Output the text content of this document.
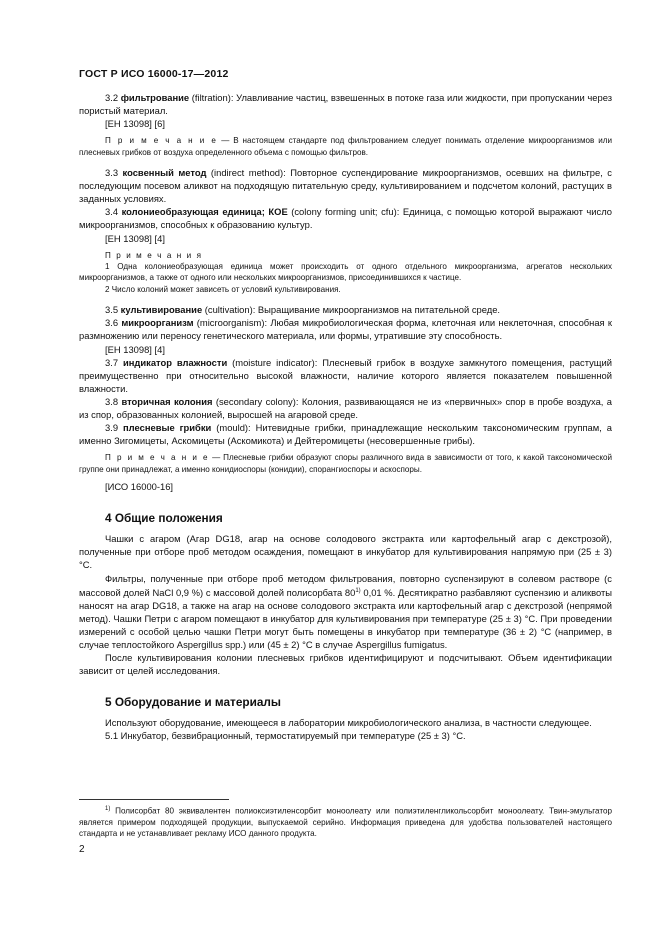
ГОСТ Р ИСО 16000-17—2012

3.2 фильтрование (filtration): Улавливание частиц, взвешенных в потоке газа или жидкости, при пропускании через пористый материал.

[ЕН 13098] [6]

П р и м е ч а н и е — В настоящем стандарте под фильтрованием следует понимать отделение микроорганизмов или плесневых грибков от воздуха определенного объема с помощью фильтров.

3.3 косвенный метод (indirect method): Повторное суспендирование микроорганизмов, осевших на фильтре, с последующим посевом аликвот на подходящую питательную среду, культивированием и подсчетом колоний, растущих в заданных условиях.

3.4 колониеобразующая единица; КОЕ (colony forming unit; cfu): Единица, с помощью которой выражают число микроорганизмов, способных к образованию культур.

[ЕН 13098] [4]

П р и м е ч а н и я

1 Одна колониеобразующая единица может происходить от одного отдельного микроорганизма, агрегатов нескольких микроорганизмов, а также от одного или нескольких микроорганизмов, присоединившихся к частице.

2 Число колоний может зависеть от условий культивирования.

3.5 культивирование (cultivation): Выращивание микроорганизмов на питательной среде.

3.6 микроорганизм (microorganism): Любая микробиологическая форма, клеточная или неклеточная, способная к размножению или переносу генетического материала, или формы, утратившие эту способность.

[ЕН 13098] [4]

3.7 индикатор влажности (moisture indicator): Плесневый грибок в воздухе замкнутого помещения, растущий преимущественно при относительно высокой влажности, наличие которого является показателем повышенной влажности.

3.8 вторичная колония (secondary colony): Колония, развивающаяся не из «первичных» спор в пробе воздуха, а из спор, образованных колонией, выросшей на агаровой среде.

3.9 плесневые грибки (mould): Нитевидные грибки, принадлежащие нескольким таксономическим группам, а именно Зигомицеты, Аскомицеты (Аскомикота) и Дейтеромицеты (несовершенные грибы).

П р и м е ч а н и е — Плесневые грибки образуют споры различного вида в зависимости от того, к какой таксономической группе они принадлежат, а именно конидиоспоры (конидии), спорангиоспоры и аскоспоры.

[ИСО 16000-16]

4 Общие положения

Чашки с агаром (Агар DG18, агар на основе солодового экстракта или картофельный агар с декстрозой), полученные при отборе проб методом осаждения, помещают в инкубатор для культивирования напрямую при (25 ± 3) °С.

Фильтры, полученные при отборе проб методом фильтрования, повторно суспензируют в солевом растворе (с массовой долей NaCl 0,9 %) с массовой долей полисорбата 80$^{1)}$ 0,01 %. Десятикратно разбавляют суспензию и аликвоты наносят на агар DG18, а также на агар на основе солодового экстракта или картофельный агар с декстрозой (непрямой метод). Чашки Петри с агаром помещают в инкубатор для культивирования при температуре (25 ± 3) °С. При проведении измерений с особой целью чашки Петри могут быть помещены в инкубатор при температуре (36 ± 2) °С (например, в случае теплостойкого Aspergillus spp.) или (45 ± 2) °С в случае Aspergillus fumigatus.

После культивирования колонии плесневых грибков идентифицируют и подсчитывают. Объем идентификации зависит от целей исследования.

5 Оборудование и материалы

Используют оборудование, имеющееся в лаборатории микробиологического анализа, в частности следующее.

5.1 Инкубатор, безвибрационный, термостатируемый при температуре (25 ± 3) °С.

$^{1)}$ Полисорбат 80 эквивалентен полиоксиэтиленсорбит моноолеату или полиэтиленгликольсорбит моноолеату. Твин-эмульгатор является примером подходящей продукции, выпускаемой серийно. Информация приведена для удобства пользователей настоящего стандарта и не устанавливает рекламу ИСО данного продукта.

2
